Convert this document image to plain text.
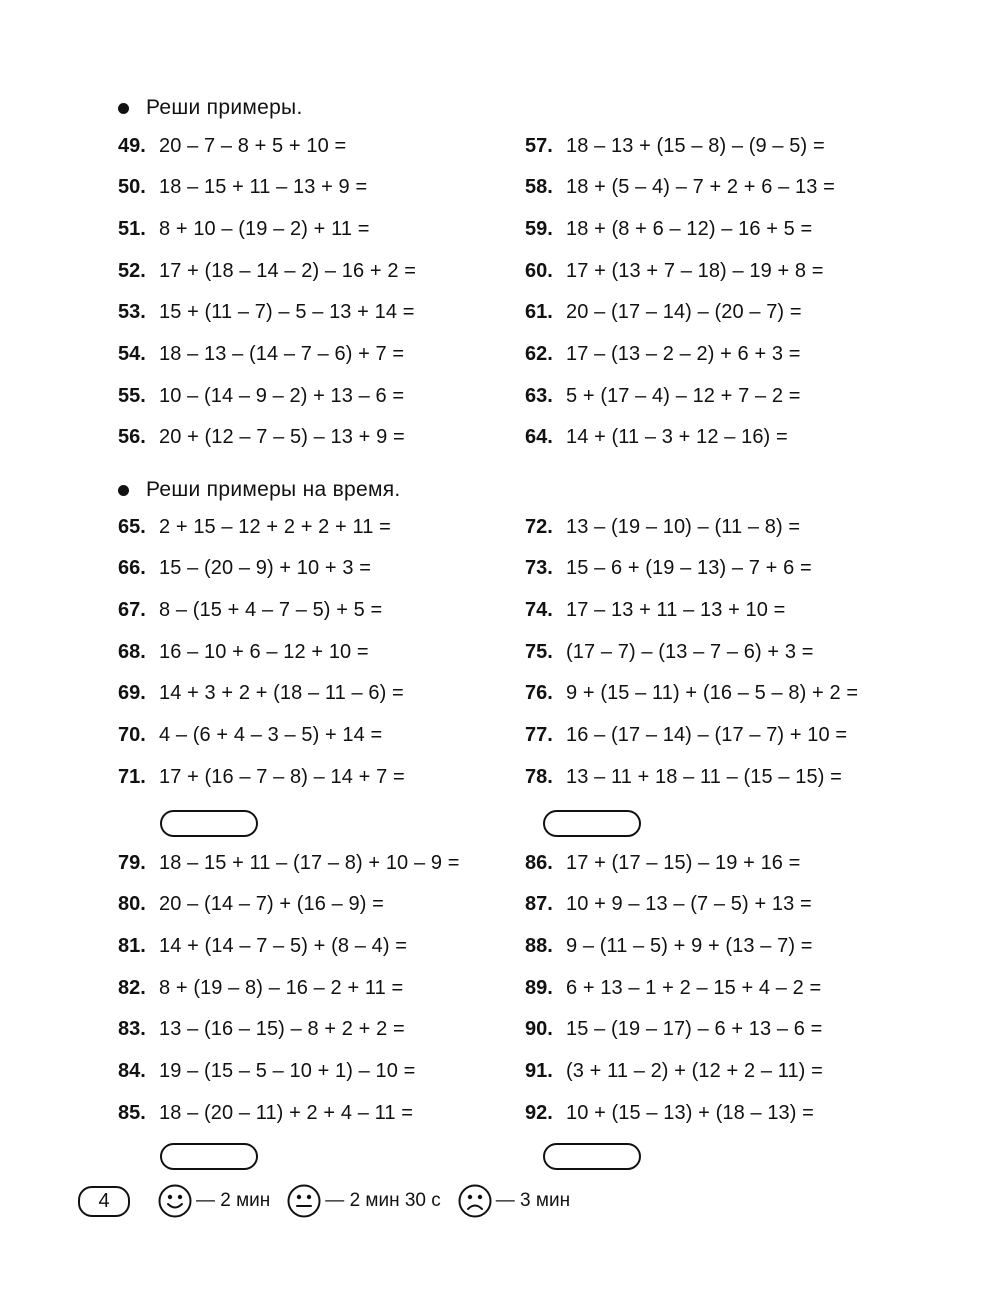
Реши примеры.
49. 20 – 7 – 8 + 5 + 10 =
50. 18 – 15 + 11 – 13 + 9 =
51. 8 + 10 – (19 – 2) + 11 =
52. 17 + (18 – 14 – 2) – 16 + 2 =
53. 15 + (11 – 7) – 5 – 13 + 14 =
54. 18 – 13 – (14 – 7 – 6) + 7 =
55. 10 – (14 – 9 – 2) + 13 – 6 =
56. 20 + (12 – 7 – 5) – 13 + 9 =
57. 18 – 13 + (15 – 8) – (9 – 5) =
58. 18 + (5 – 4) – 7 + 2 + 6 – 13 =
59. 18 + (8 + 6 – 12) – 16 + 5 =
60. 17 + (13 + 7 – 18) – 19 + 8 =
61. 20 – (17 – 14) – (20 – 7) =
62. 17 – (13 – 2 – 2) + 6 + 3 =
63. 5 + (17 – 4) – 12 + 7 – 2 =
64. 14 + (11 – 3 + 12 – 16) =
Реши примеры на время.
65. 2 + 15 – 12 + 2 + 2 + 11 =
66. 15 – (20 – 9) + 10 + 3 =
67. 8 – (15 + 4 – 7 – 5) + 5 =
68. 16 – 10 + 6 – 12 + 10 =
69. 14 + 3 + 2 + (18 – 11 – 6) =
70. 4 – (6 + 4 – 3 – 5) + 14 =
71. 17 + (16 – 7 – 8) – 14 + 7 =
72. 13 – (19 – 10) – (11 – 8) =
73. 15 – 6 + (19 – 13) – 7 + 6 =
74. 17 – 13 + 11 – 13 + 10 =
75. (17 – 7) – (13 – 7 – 6) + 3 =
76. 9 + (15 – 11) + (16 – 5 – 8) + 2 =
77. 16 – (17 – 14) – (17 – 7) + 10 =
78. 13 – 11 + 18 – 11 – (15 – 15) =
79. 18 – 15 + 11 – (17 – 8) + 10 – 9 =
80. 20 – (14 – 7) + (16 – 9) =
81. 14 + (14 – 7 – 5) + (8 – 4) =
82. 8 + (19 – 8) – 16 – 2 + 11 =
83. 13 – (16 – 15) – 8 + 2 + 2 =
84. 19 – (15 – 5 – 10 + 1) – 10 =
85. 18 – (20 – 11) + 2 + 4 – 11 =
86. 17 + (17 – 15) – 19 + 16 =
87. 10 + 9 – 13 – (7 – 5) + 13 =
88. 9 – (11 – 5) + 9 + (13 – 7) =
89. 6 + 13 – 1 + 2 – 15 + 4 – 2 =
90. 15 – (19 – 17) – 6 + 13 – 6 =
91. (3 + 11 – 2) + (12 + 2 – 11) =
92. 10 + (15 – 13) + (18 – 13) =
4	— 2 мин	— 2 мин 30 с	— 3 мин
